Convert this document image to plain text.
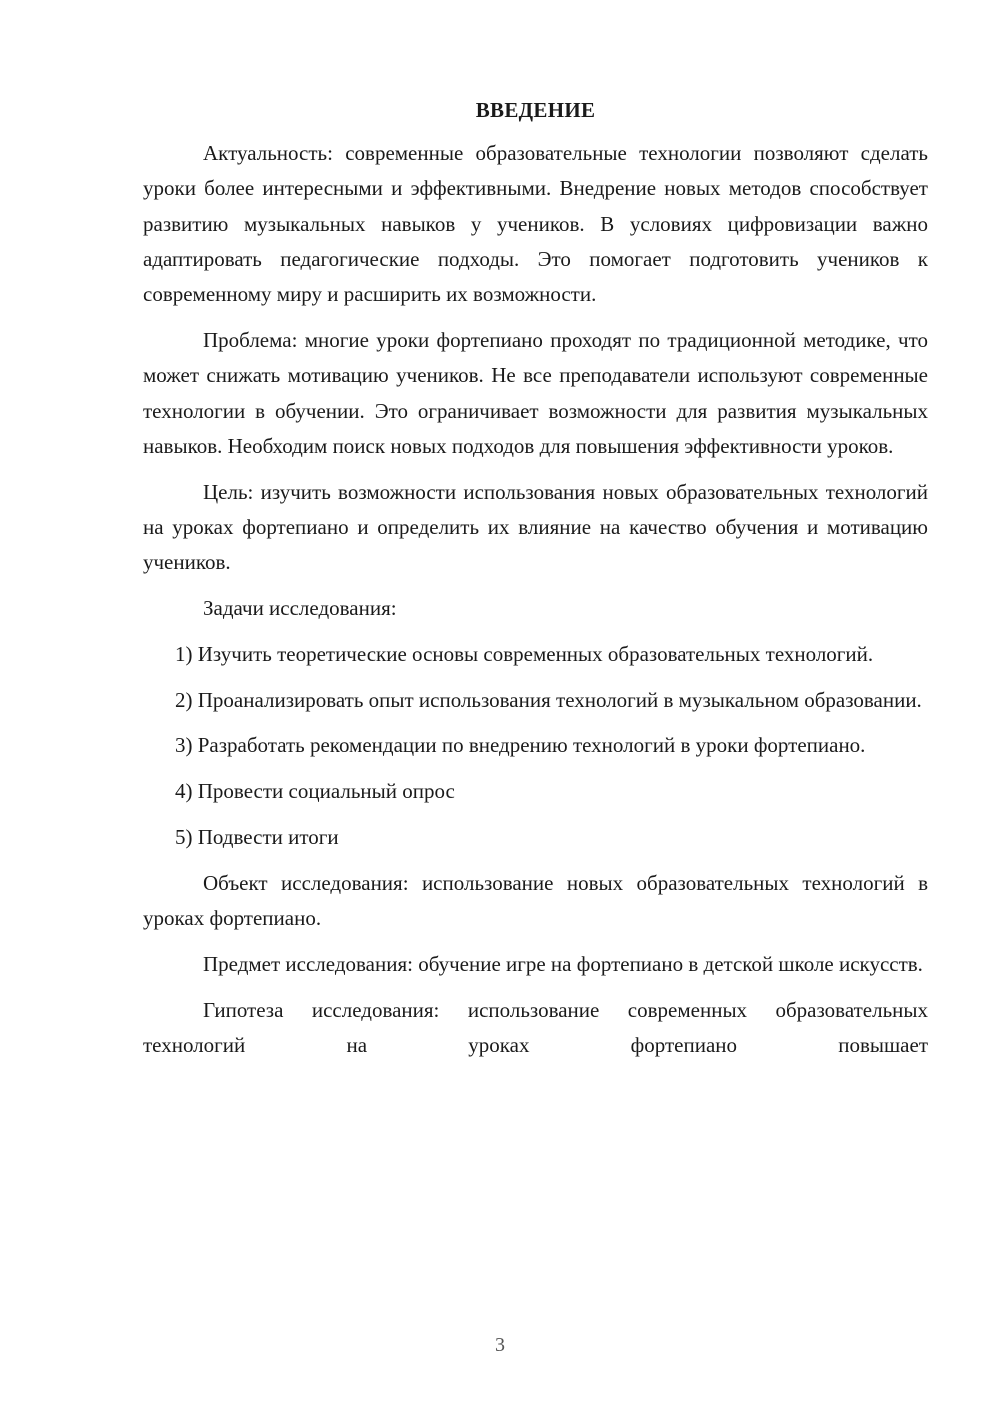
ВВЕДЕНИЕ

Актуальность: современные образовательные технологии позволяют сделать уроки более интересными и эффективными. Внедрение новых методов способствует развитию музыкальных навыков у учеников. В условиях цифровизации важно адаптировать педагогические подходы. Это помогает подготовить учеников к современному миру и расширить их возможности.

Проблема: многие уроки фортепиано проходят по традиционной методике, что может снижать мотивацию учеников. Не все преподаватели используют современные технологии в обучении. Это ограничивает возможности для развития музыкальных навыков. Необходим поиск новых подходов для повышения эффективности уроков.

Цель: изучить возможности использования новых образовательных технологий на уроках фортепиано и определить их влияние на качество обучения и мотивацию учеников.

Задачи исследования:

1) Изучить теоретические основы современных образовательных технологий.

2) Проанализировать опыт использования технологий в музыкальном образовании.

3) Разработать рекомендации по внедрению технологий в уроки фортепиано.

4) Провести социальный опрос

5) Подвести итоги

Объект исследования: использование новых образовательных технологий в уроках фортепиано.

Предмет исследования: обучение игре на фортепиано в детской школе искусств.

Гипотеза исследования: использование современных образовательных технологий на уроках фортепиано повышает

3
